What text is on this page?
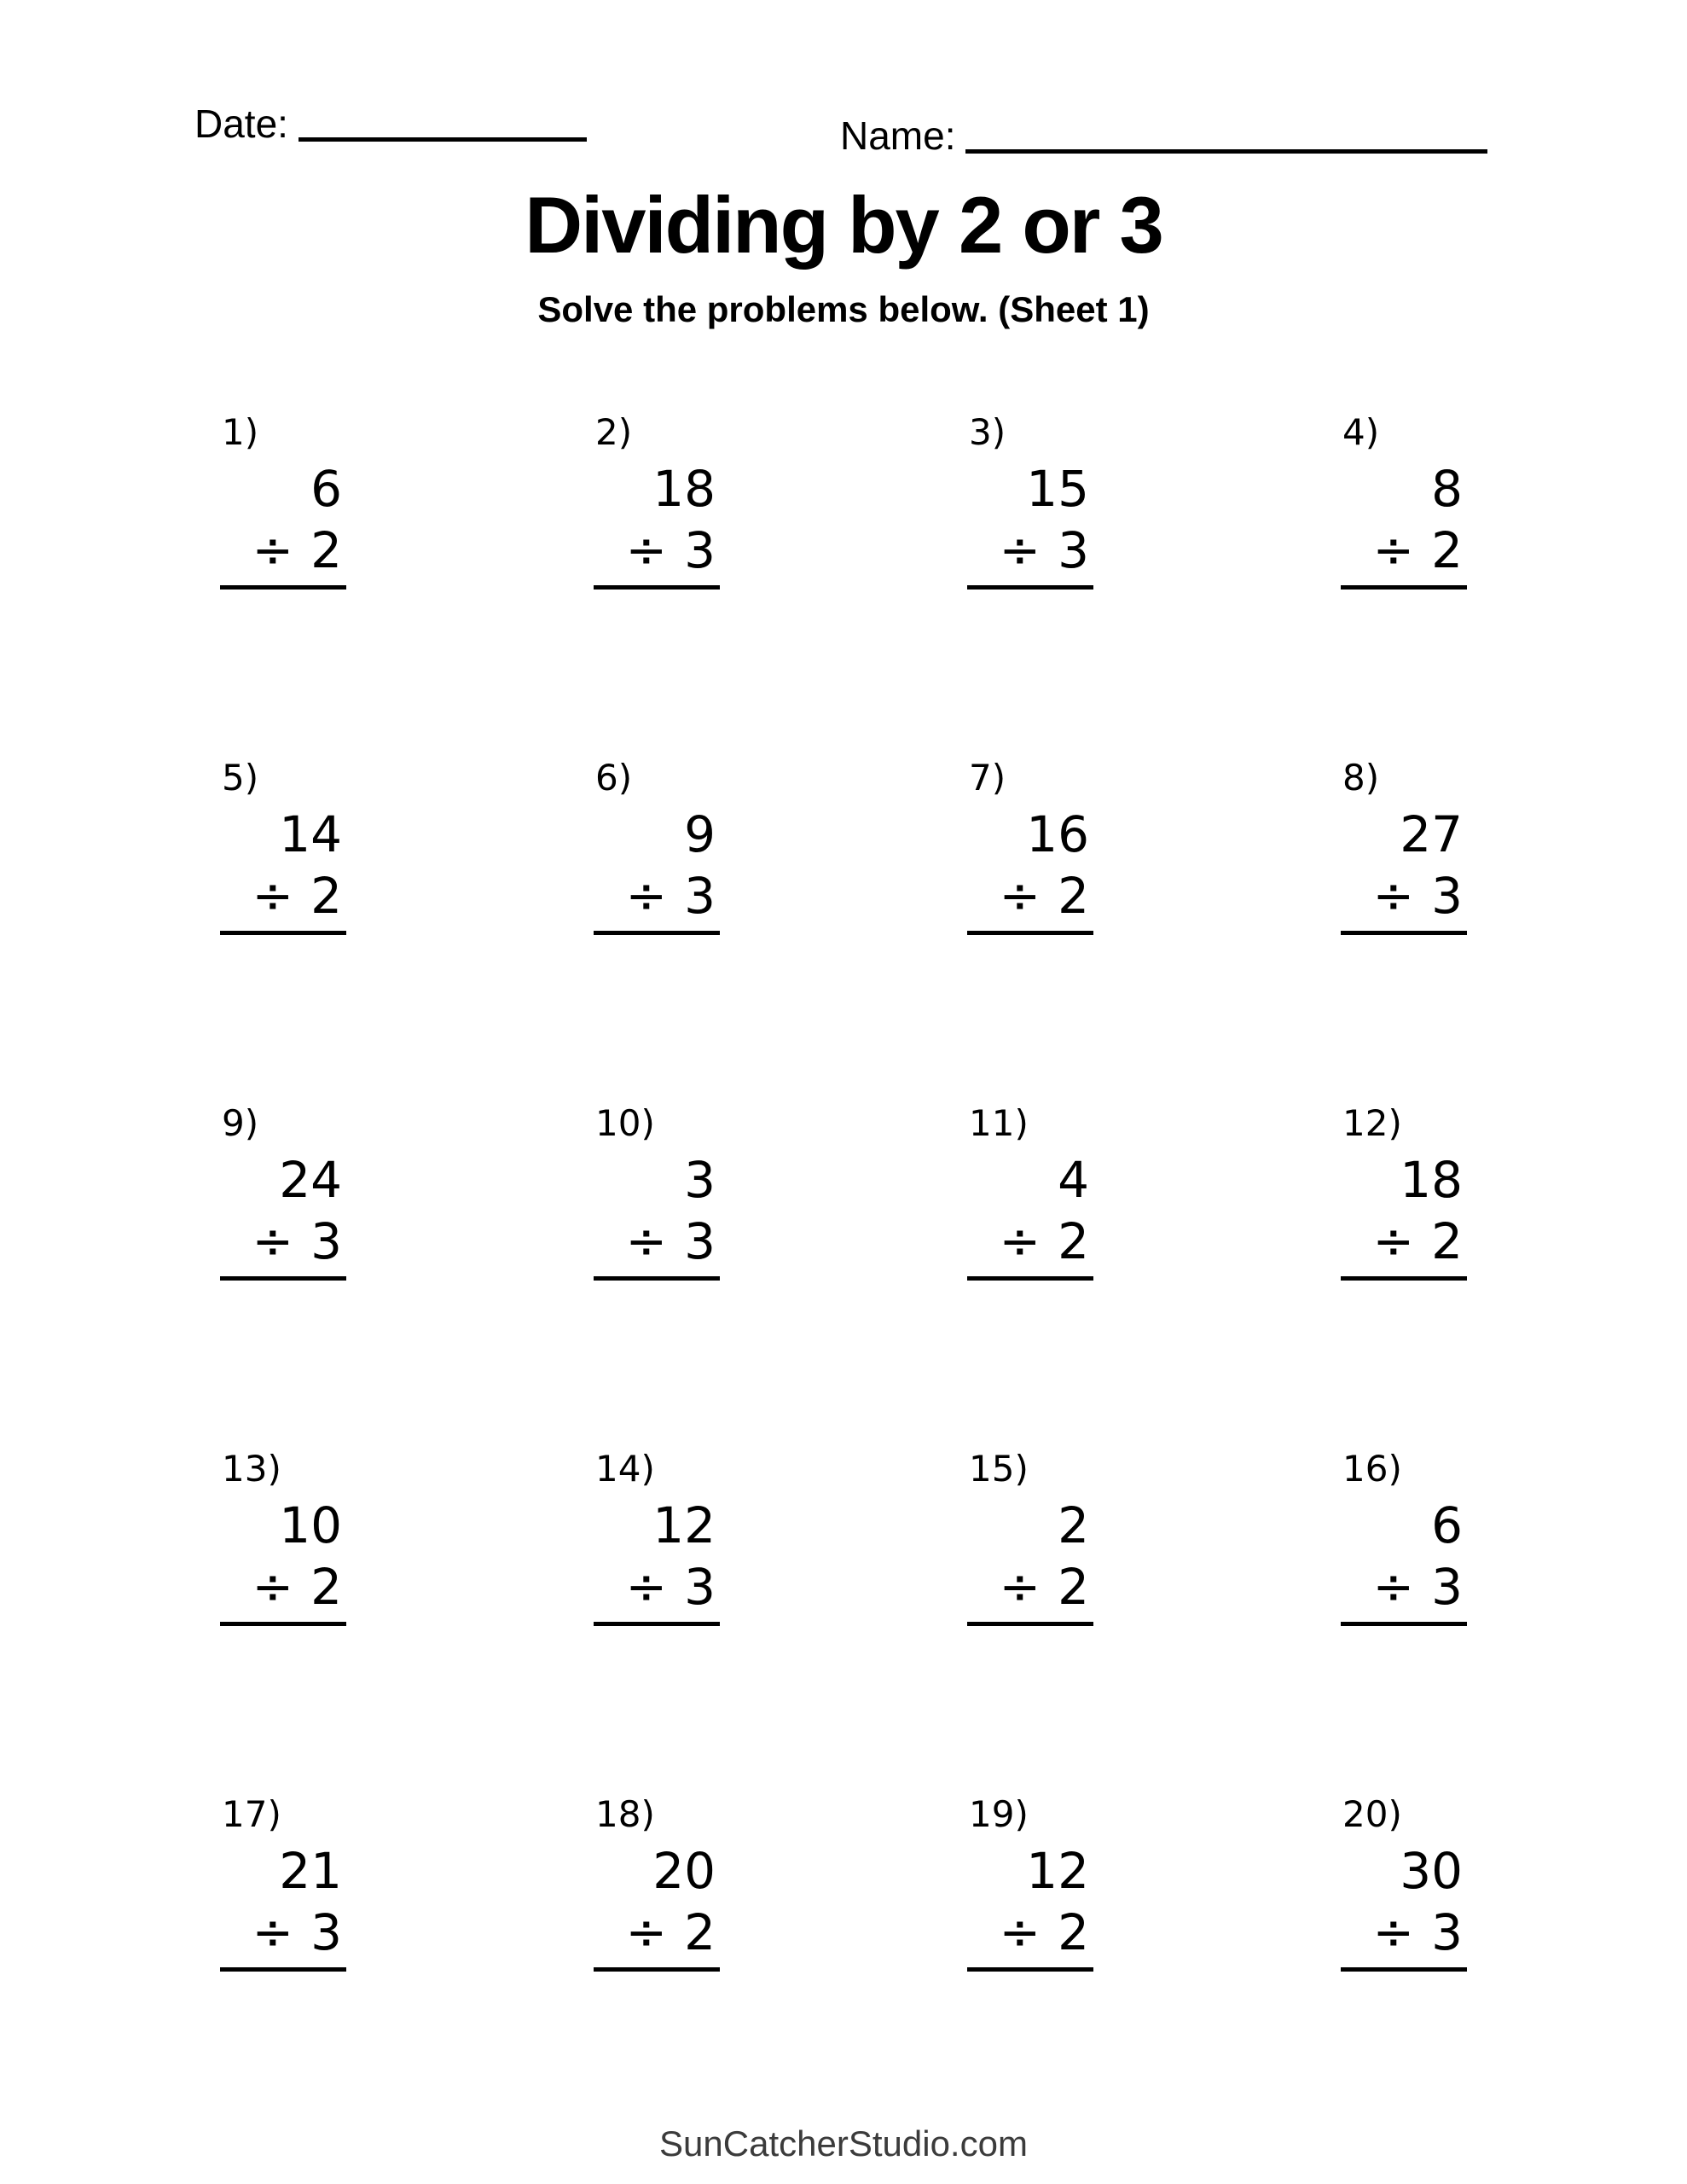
Date:	Name:
Dividing by 2 or 3
Solve the problems below. (Sheet 1)
1)
6
÷ 2
2)
18
÷ 3
3)
15
÷ 3
4)
8
÷ 2
5)
14
÷ 2
6)
9
÷ 3
7)
16
÷ 2
8)
27
÷ 3
9)
24
÷ 3
10)
3
÷ 3
11)
4
÷ 2
12)
18
÷ 2
13)
10
÷ 2
14)
12
÷ 3
15)
2
÷ 2
16)
6
÷ 3
17)
21
÷ 3
18)
20
÷ 2
19)
12
÷ 2
20)
30
÷ 3
SunCatcherStudio.com
